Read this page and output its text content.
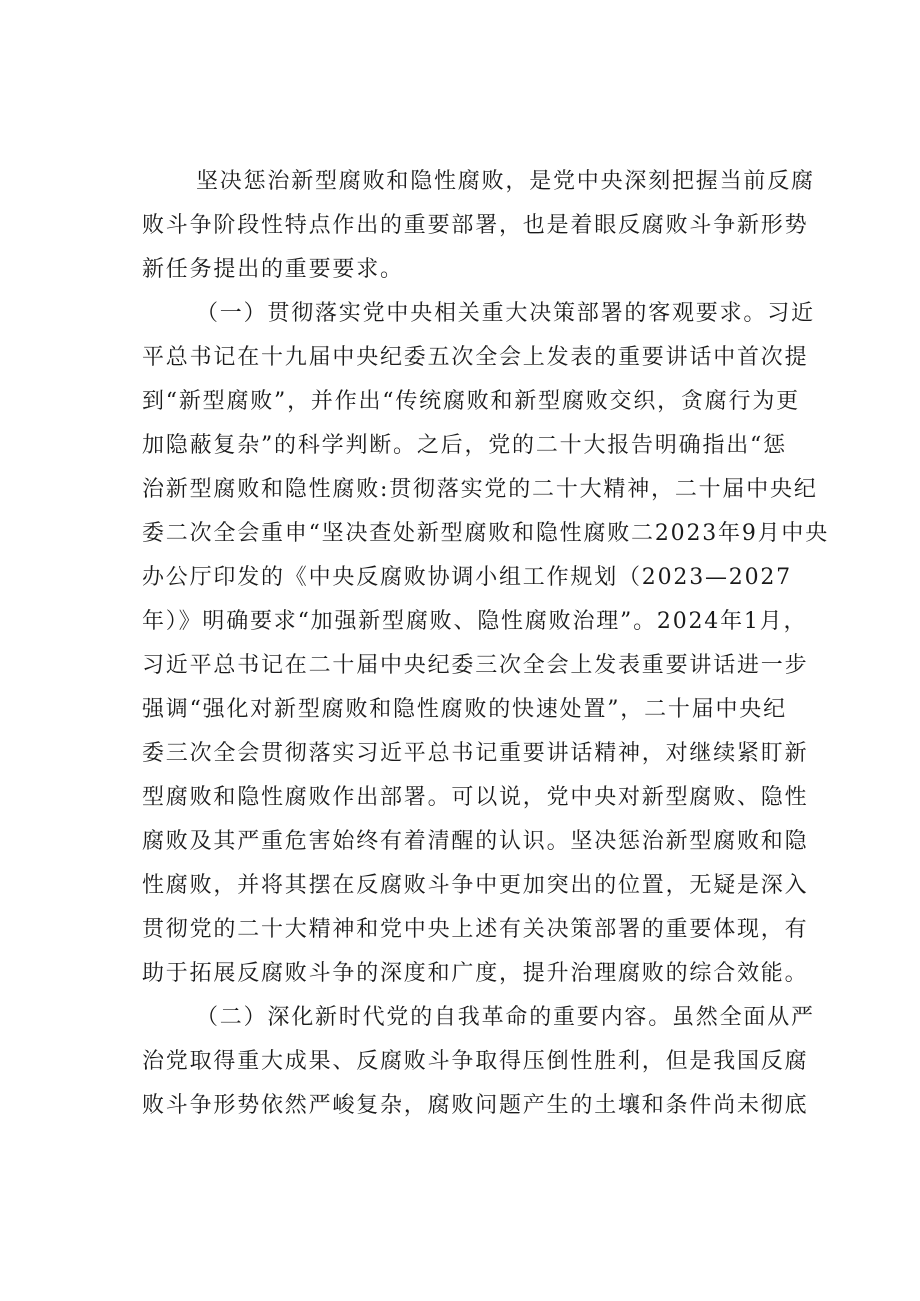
坚决惩治新型腐败和隐性腐败，是党中央深刻把握当前反腐
败斗争阶段性特点作出的重要部署，也是着眼反腐败斗争新形势
新任务提出的重要要求。
（一）贯彻落实党中央相关重大决策部署的客观要求。习近
平总书记在十九届中央纪委五次全会上发表的重要讲话中首次提
到“新型腐败”，并作出“传统腐败和新型腐败交织，贪腐行为更
加隐蔽复杂”的科学判断。之后，党的二十大报告明确指出“惩
治新型腐败和隐性腐败:贯彻落实党的二十大精神，二十届中央纪
委二次全会重申“坚决查处新型腐败和隐性腐败二2023年9月中央
办公厅印发的《中央反腐败协调小组工作规划（2023—2027
年）》明确要求“加强新型腐败、隐性腐败治理”。2024年1月，
习近平总书记在二十届中央纪委三次全会上发表重要讲话进一步
强调“强化对新型腐败和隐性腐败的快速处置”，二十届中央纪
委三次全会贯彻落实习近平总书记重要讲话精神，对继续紧盯新
型腐败和隐性腐败作出部署。可以说，党中央对新型腐败、隐性
腐败及其严重危害始终有着清醒的认识。坚决惩治新型腐败和隐
性腐败，并将其摆在反腐败斗争中更加突出的位置，无疑是深入
贯彻党的二十大精神和党中央上述有关决策部署的重要体现，有
助于拓展反腐败斗争的深度和广度，提升治理腐败的综合效能。
（二）深化新时代党的自我革命的重要内容。虽然全面从严
治党取得重大成果、反腐败斗争取得压倒性胜利，但是我国反腐
败斗争形势依然严峻复杂，腐败问题产生的土壤和条件尚未彻底
